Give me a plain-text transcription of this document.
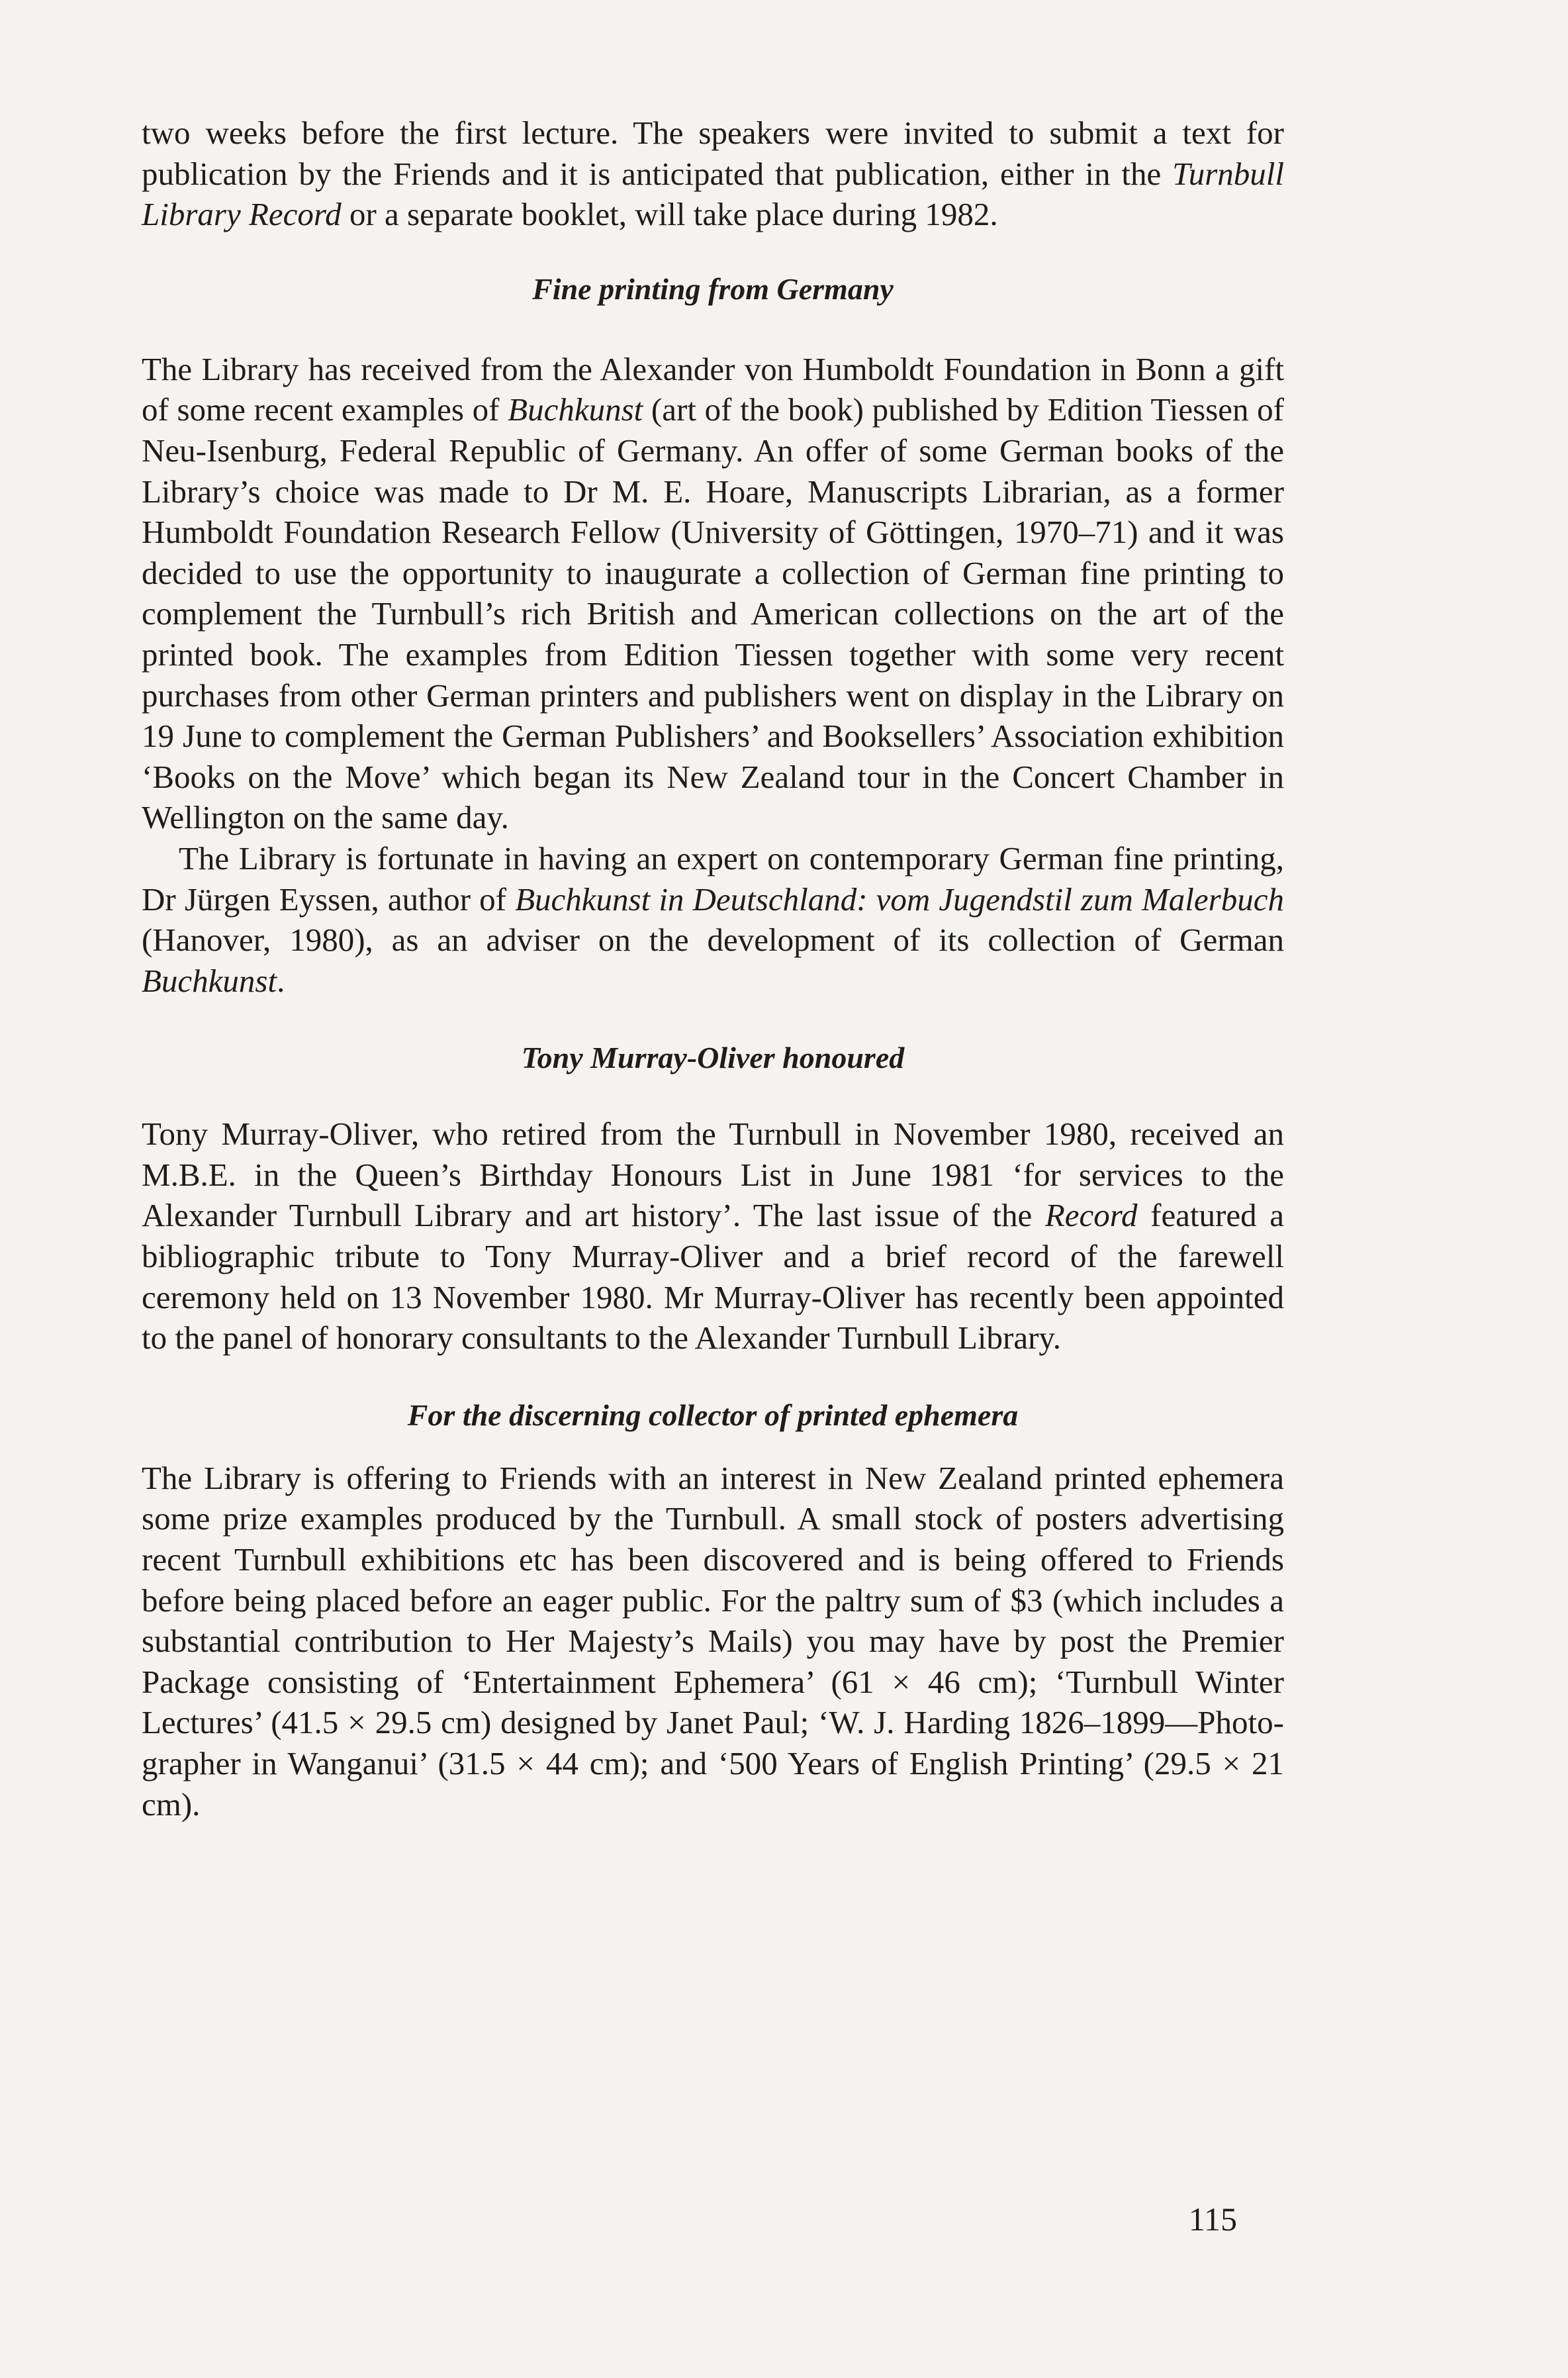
two weeks before the first lecture. The speakers were invited to submit a text for publication by the Friends and it is anticipated that publication, either in the Turnbull Library Record or a separate booklet, will take place during 1982.

Fine printing from Germany

The Library has received from the Alexander von Humboldt Foundation in Bonn a gift of some recent examples of Buchkunst (art of the book) published by Edition Tiessen of Neu-Isenburg, Federal Republic of Germany. An offer of some German books of the Library’s choice was made to Dr M. E. Hoare, Manuscripts Librarian, as a former Humboldt Foundation Research Fellow (University of Göttingen, 1970–71) and it was decided to use the opportunity to inaugurate a collection of German fine printing to complement the Turnbull’s rich British and American collections on the art of the printed book. The examples from Edition Tiessen together with some very recent purchases from other German printers and publishers went on display in the Library on 19 June to complement the German Publishers’ and Booksellers’ Association exhibition ‘Books on the Move’ which began its New Zealand tour in the Concert Chamber in Wellington on the same day.

The Library is fortunate in having an expert on contemporary German fine printing, Dr Jürgen Eyssen, author of Buchkunst in Deutschland: vom Jugendstil zum Malerbuch (Hanover, 1980), as an adviser on the development of its collection of German Buchkunst.

Tony Murray-Oliver honoured

Tony Murray-Oliver, who retired from the Turnbull in November 1980, received an M.B.E. in the Queen’s Birthday Honours List in June 1981 ‘for services to the Alexander Turnbull Library and art history’. The last issue of the Record featured a bibliographic tribute to Tony Murray-Oliver and a brief record of the farewell ceremony held on 13 November 1980. Mr Murray-Oliver has recently been appointed to the panel of honorary consultants to the Alexander Turnbull Library.

For the discerning collector of printed ephemera

The Library is offering to Friends with an interest in New Zealand printed ephemera some prize examples produced by the Turnbull. A small stock of posters advertising recent Turnbull exhibitions etc has been discovered and is being offered to Friends before being placed before an eager public. For the paltry sum of $3 (which includes a substantial contribution to Her Majesty’s Mails) you may have by post the Premier Package consisting of ‘Entertainment Ephemera’ (61 × 46 cm); ‘Turnbull Winter Lectures’ (41.5 × 29.5 cm) designed by Janet Paul; ‘W. J. Harding 1826–1899—Photographer in Wanganui’ (31.5 × 44 cm); and ‘500 Years of English Printing’ (29.5 × 21 cm).

115
